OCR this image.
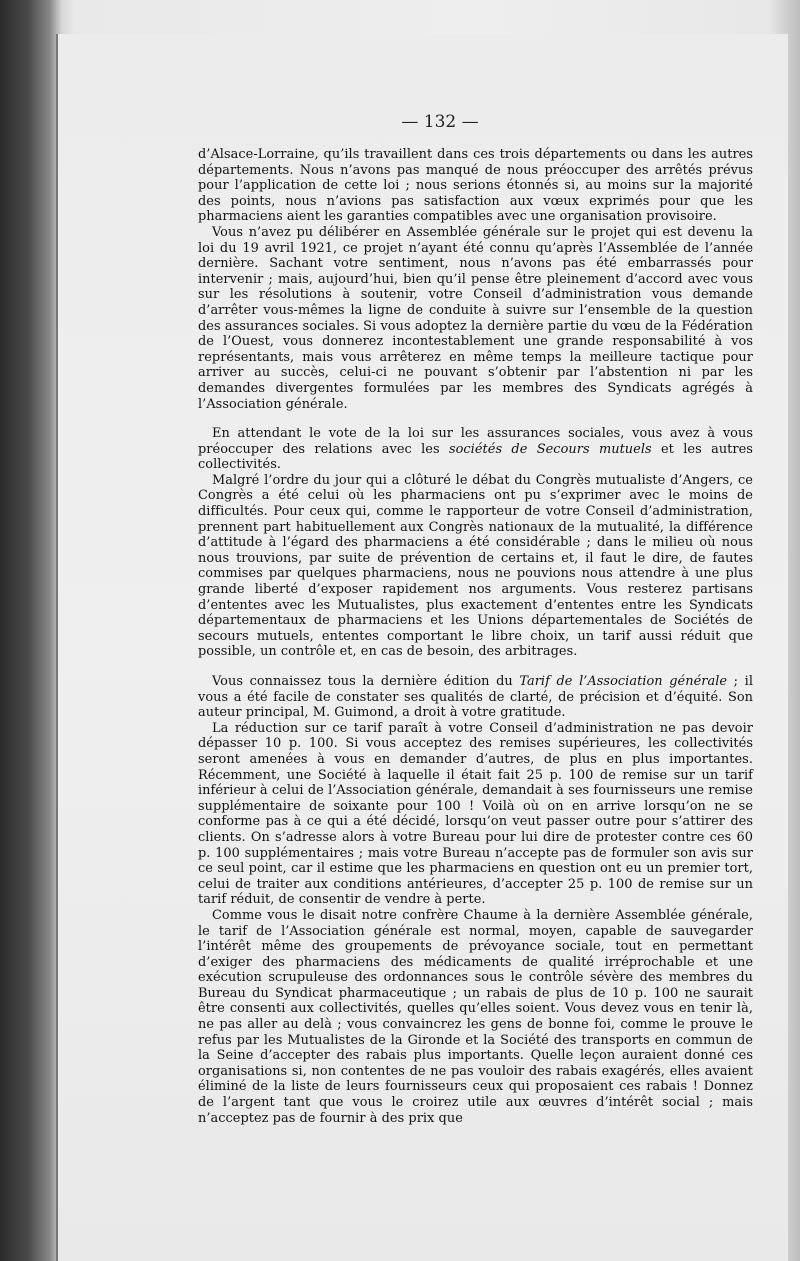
— 132 —

d’Alsace-Lorraine, qu’ils travaillent dans ces trois départements ou dans les autres départements. Nous n’avons pas manqué de nous préoccuper des arrêtés prévus pour l’application de cette loi ; nous serions étonnés si, au moins sur la majorité des points, nous n’avions pas satisfaction aux vœux exprimés pour que les pharmaciens aient les garanties compatibles avec une organisation provisoire.

Vous n’avez pu délibérer en Assemblée générale sur le projet qui est devenu la loi du 19 avril 1921, ce projet n’ayant été connu qu’après l’Assemblée de l’année dernière. Sachant votre sentiment, nous n’avons pas été embarrassés pour intervenir ; mais, aujourd’hui, bien qu’il pense être pleinement d’accord avec vous sur les résolutions à soutenir, votre Conseil d’administration vous demande d’arrêter vous-mêmes la ligne de conduite à suivre sur l’ensemble de la question des assurances sociales. Si vous adoptez la dernière partie du vœu de la Fédération de l’Ouest, vous donnerez incontestablement une grande responsabilité à vos représentants, mais vous arrêterez en même temps la meilleure tactique pour arriver au succès, celui-ci ne pouvant s’obtenir par l’abstention ni par les demandes divergentes formulées par les membres des Syndicats agrégés à l’Association générale.

En attendant le vote de la loi sur les assurances sociales, vous avez à vous préoccuper des relations avec les sociétés de Secours mutuels et les autres collectivités.

Malgré l’ordre du jour qui a clôturé le débat du Congrès mutualiste d’Angers, ce Congrès a été celui où les pharmaciens ont pu s’exprimer avec le moins de difficultés. Pour ceux qui, comme le rapporteur de votre Conseil d’administration, prennent part habituellement aux Congrès nationaux de la mutualité, la différence d’attitude à l’égard des pharmaciens a été considérable ; dans le milieu où nous nous trouvions, par suite de prévention de certains et, il faut le dire, de fautes commises par quelques pharmaciens, nous ne pouvions nous attendre à une plus grande liberté d’exposer rapidement nos arguments. Vous resterez partisans d’ententes avec les Mutualistes, plus exactement d’ententes entre les Syndicats départementaux de pharmaciens et les Unions départementales de Sociétés de secours mutuels, ententes comportant le libre choix, un tarif aussi réduit que possible, un contrôle et, en cas de besoin, des arbitrages.

Vous connaissez tous la dernière édition du Tarif de l’Association générale ; il vous a été facile de constater ses qualités de clarté, de précision et d’équité. Son auteur principal, M. Guimond, a droit à votre gratitude.

La réduction sur ce tarif paraît à votre Conseil d’administration ne pas devoir dépasser 10 p. 100. Si vous acceptez des remises supérieures, les collectivités seront amenées à vous en demander d’autres, de plus en plus importantes. Récemment, une Société à laquelle il était fait 25 p. 100 de remise sur un tarif inférieur à celui de l’Association générale, demandait à ses fournisseurs une remise supplémentaire de soixante pour 100 ! Voilà où on en arrive lorsqu’on ne se conforme pas à ce qui a été décidé, lorsqu’on veut passer outre pour s’attirer des clients. On s’adresse alors à votre Bureau pour lui dire de protester contre ces 60 p. 100 supplémentaires ; mais votre Bureau n’accepte pas de formuler son avis sur ce seul point, car il estime que les pharmaciens en question ont eu un premier tort, celui de traiter aux conditions antérieures, d’accepter 25 p. 100 de remise sur un tarif réduit, de consentir de vendre à perte.

Comme vous le disait notre confrère Chaume à la dernière Assemblée générale, le tarif de l’Association générale est normal, moyen, capable de sauvegarder l’intérêt même des groupements de prévoyance sociale, tout en permettant d’exiger des pharmaciens des médicaments de qualité irréprochable et une exécution scrupuleuse des ordonnances sous le contrôle sévère des membres du Bureau du Syndicat pharmaceutique ; un rabais de plus de 10 p. 100 ne saurait être consenti aux collectivités, quelles qu’elles soient. Vous devez vous en tenir là, ne pas aller au delà ; vous convaincrez les gens de bonne foi, comme le prouve le refus par les Mutualistes de la Gironde et la Société des transports en commun de la Seine d’accepter des rabais plus importants. Quelle leçon auraient donné ces organisations si, non contentes de ne pas vouloir des rabais exagérés, elles avaient éliminé de la liste de leurs fournisseurs ceux qui proposaient ces rabais ! Donnez de l’argent tant que vous le croirez utile aux œuvres d’intérêt social ; mais n’acceptez pas de fournir à des prix que
